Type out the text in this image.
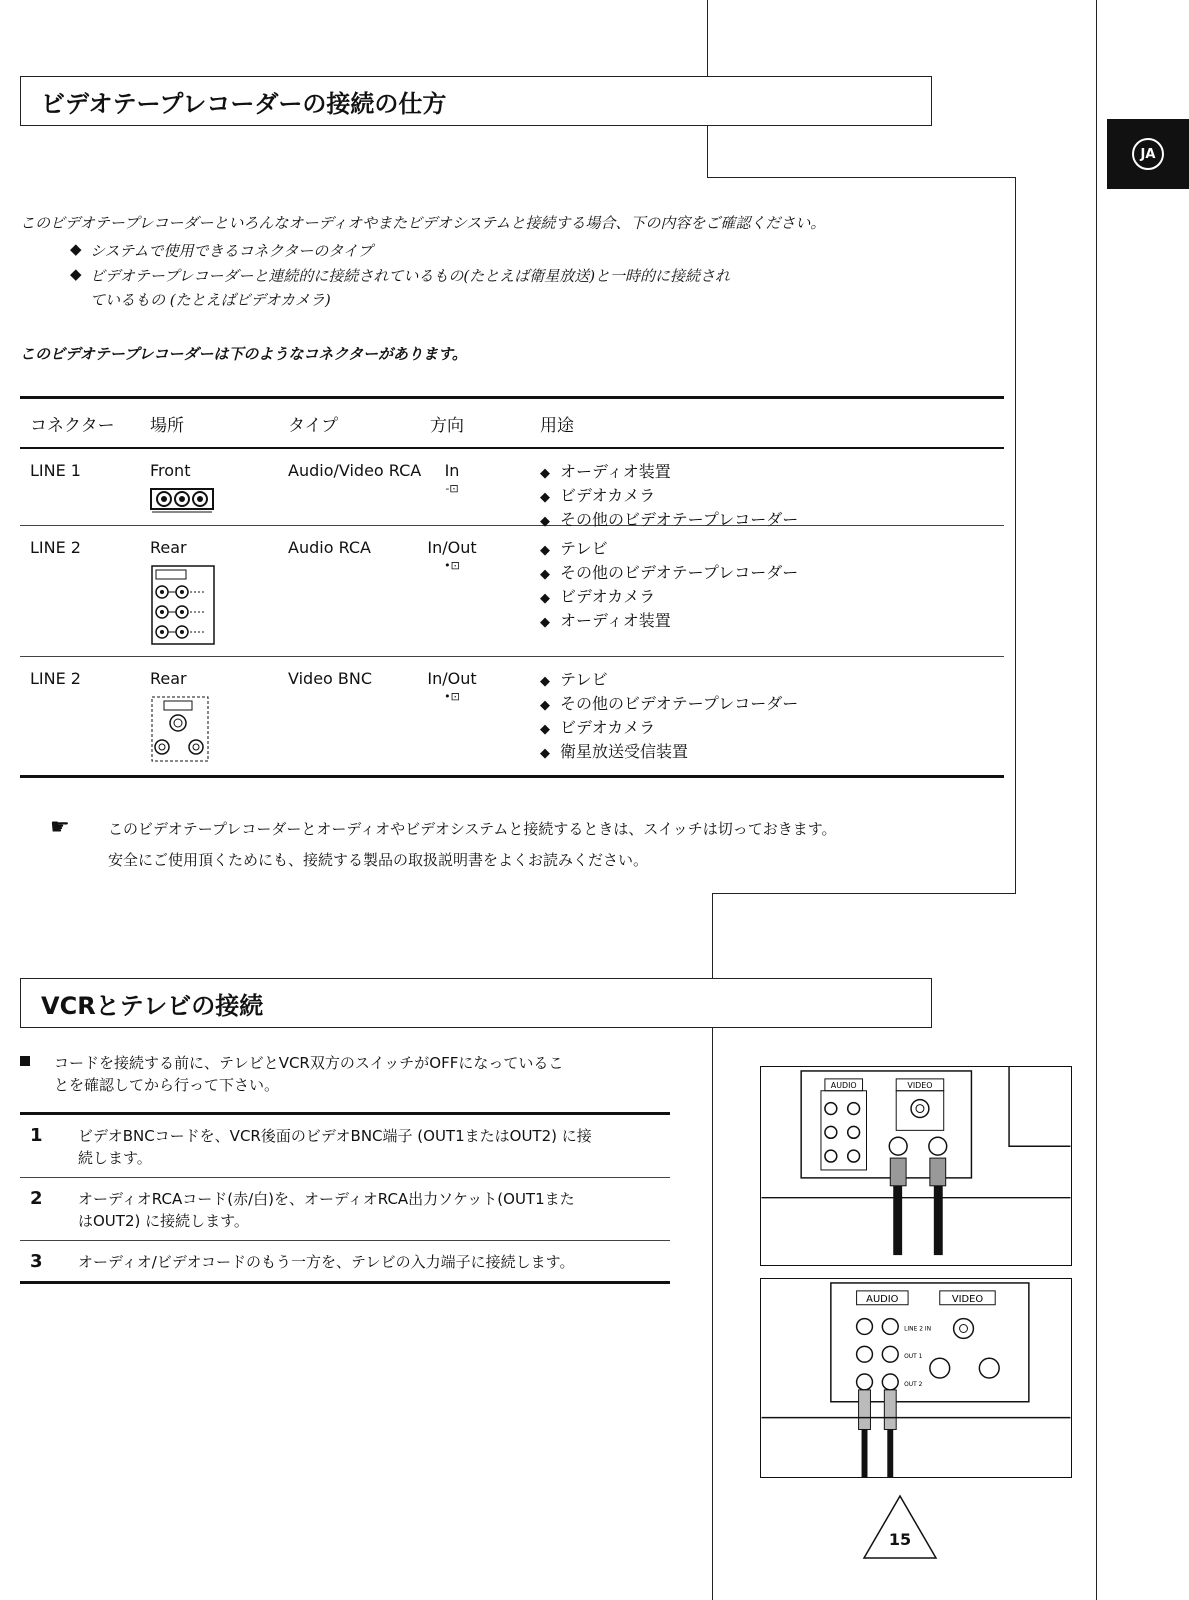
JA
ビデオテープレコーダーの接続の仕方
このビデオテープレコーダーといろんなオーディオやまたビデオシステムと接続する場合、下の内容をご確認ください。
◆ システムで使用できるコネクターのタイプ
◆ ビデオテープレコーダーと連続的に接続されているもの(たとえば衛星放送)と一時的に接続され
ているもの (たとえばビデオカメラ)
このビデオテープレコーダーは下のようなコネクターがあります。
コネクター 場所	タイプ	方向	用途
LINE 1	Front	Audio/Video RCA	In
-⊡
◆ オーディオ装置
◆ ビデオカメラ
◆ その他のビデオテープレコーダー
LINE 2	Rear	Audio RCA	In/Out
•⊡
◆ テレビ
◆ その他のビデオテープレコーダー
◆ ビデオカメラ
◆ オーディオ装置
LINE 2	Rear	Video BNC	In/Out
•⊡
◆ テレビ
◆ その他のビデオテープレコーダー
◆ ビデオカメラ
◆ 衛星放送受信装置
☛	このビデオテープレコーダーとオーディオやビデオシステムと接続するときは、スイッチは切っておきます。
安全にご使用頂くためにも、接続する製品の取扱説明書をよくお読みください。
VCRとテレビの接続
コードを接続する前に、テレビとVCR双方のスイッチがOFFになっているこ
とを確認してから行って下さい。
1 ビデオBNCコードを、VCR後面のビデオBNC端子 (OUT1またはOUT2) に接
続します。
2 オーディオRCAコード(赤/白)を、オーディオRCA出力ソケット(OUT1また
はOUT2) に接続します。
3 オーディオ/ビデオコードのもう一方を、テレビの入力端子に接続します。
AUDIO	VIDEO
AUDIO	VIDEO
LINE 2 IN
OUT 1
OUT 2
15
